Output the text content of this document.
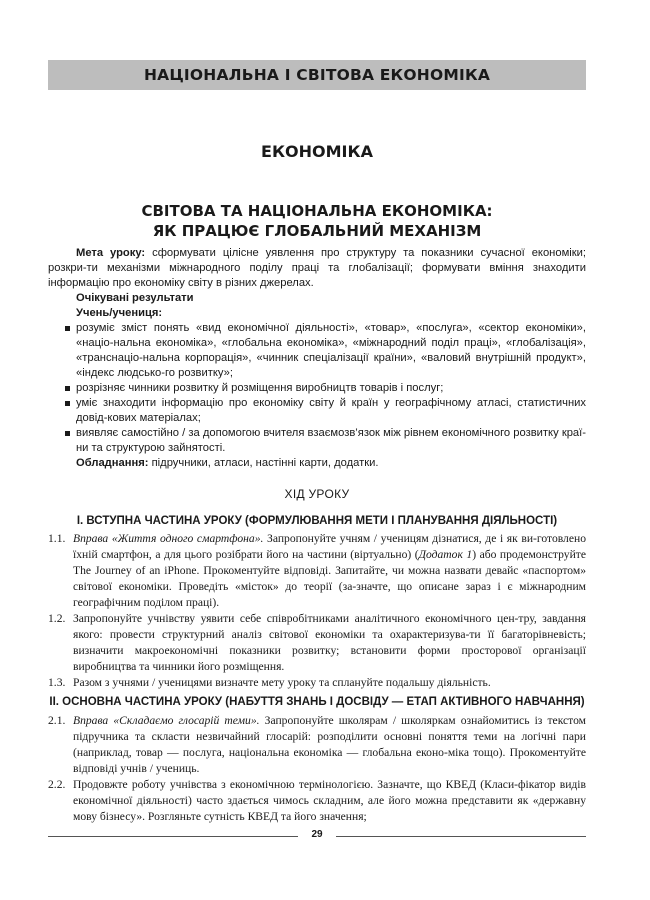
НАЦІОНАЛЬНА І СВІТОВА ЕКОНОМІКА
ЕКОНОМІКА
СВІТОВА ТА НАЦІОНАЛЬНА ЕКОНОМІКА:
ЯК ПРАЦЮЄ ГЛОБАЛЬНИЙ МЕХАНІЗМ

Мета уроку: сформувати цілісне уявлення про структуру та показники сучасної економіки; розкри-ти механізми міжнародного поділу праці та глобалізації; формувати вміння знаходити інформацію про економіку світу в різних джерелах.

Очікувані результати

Учень/учениця:

розуміє зміст понять «вид економічної діяльності», «товар», «послуга», «сектор економіки», «націо-нальна економіка», «глобальна економіка», «міжнародний поділ праці», «глобалізація», «транснаціо-нальна корпорація», «чинник спеціалізації країни», «валовий внутрішній продукт», «індекс людсько-го розвитку»;
розрізняє чинники розвитку й розміщення виробництв товарів і послуг;
уміє знаходити інформацію про економіку світу й країн у географічному атласі, статистичних довід-кових матеріалах;
виявляє самостійно / за допомогою вчителя взаємозв’язок між рівнем економічного розвитку краї-ни та структурою зайнятості.

Обладнання: підручники, атласи, настінні карти, додатки.

ХІД УРОКУ
I. ВСТУПНА ЧАСТИНА УРОКУ (ФОРМУЛЮВАННЯ МЕТИ І ПЛАНУВАННЯ ДІЯЛЬНОСТІ)
1.1. Вправа «Життя одного смартфона». Запропонуйте учням / ученицям дізнатися, де і як ви-готовлено їхній смартфон, а для цього розібрати його на частини (віртуально) (Додаток 1) або продемонструйте The Journey of an iPhone. Прокоментуйте відповіді. Запитайте, чи можна назвати девайс «паспортом» світової економіки. Проведіть «місток» до теорії (за-значте, що описане зараз і є міжнародним географічним поділом праці).
1.2. Запропонуйте учнівству уявити себе співробітниками аналітичного економічного цен-тру, завдання якого: провести структурний аналіз світової економіки та охарактеризува-ти її багаторівневість; визначити макроекономічні показники розвитку; встановити форми просторової організації виробництва та чинники його розміщення.
1.3. Разом з учнями / ученицями визначте мету уроку та сплануйте подальшу діяльність.
II. ОСНОВНА ЧАСТИНА УРОКУ (НАБУТТЯ ЗНАНЬ І ДОСВІДУ — ЕТАП АКТИВНОГО НАВЧАННЯ)
2.1. Вправа «Складаємо глосарій теми». Запропонуйте школярам / школяркам ознайомитись із текстом підручника та скласти незвичайний глосарій: розподілити основні поняття теми на логічні пари (наприклад, товар — послуга, національна економіка — глобальна еконо-міка тощо). Прокоментуйте відповіді учнів / учениць.
2.2. Продовжте роботу учнівства з економічною термінологією. Зазначте, що КВЕД (Класи-фікатор видів економічної діяльності) часто здається чимось складним, але його можна представити як «державну мову бізнесу». Розгляньте сутність КВЕД та його значення;
29
